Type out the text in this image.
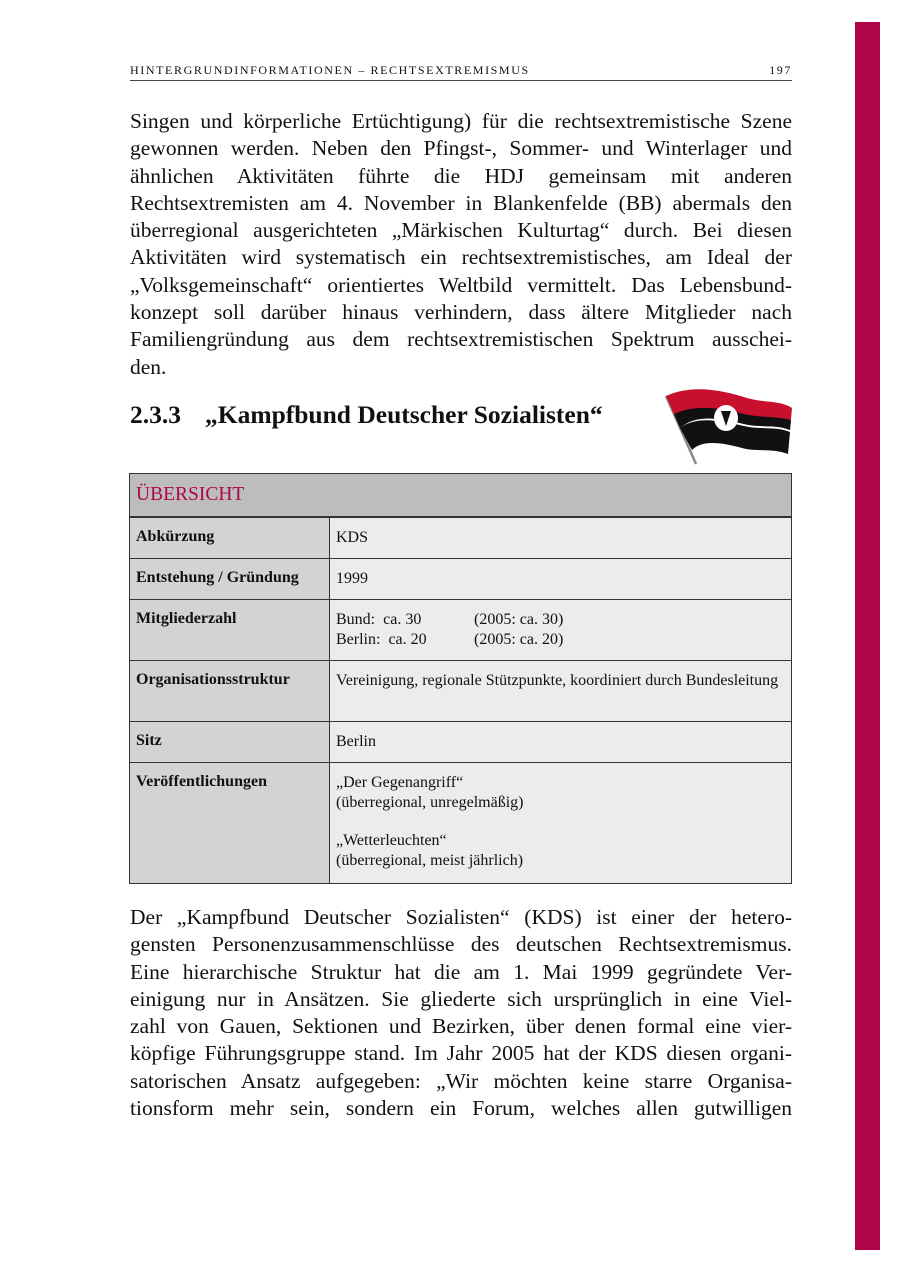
HINTERGRUNDINFORMATIONEN – RECHTSEXTREMISMUS	197
Singen und körperliche Ertüchtigung) für die rechtsextremistische Szene
gewonnen werden. Neben den Pfingst-, Sommer- und Winterlager und
ähnlichen Aktivitäten führte die HDJ gemeinsam mit anderen
Rechtsextremisten am 4. November in Blankenfelde (BB) abermals den
überregional ausgerichteten „Märkischen Kulturtag“ durch. Bei diesen
Aktivitäten wird systematisch ein rechtsextremistisches, am Ideal der
„Volksgemeinschaft“ orientiertes Weltbild vermittelt. Das Lebensbund-
konzept soll darüber hinaus verhindern, dass ältere Mitglieder nach
Familiengründung aus dem rechtsextremistischen Spektrum ausschei-
den.
2.3.3 „Kampfbund Deutscher Sozialisten“
ÜBERSICHT	
Abkürzung	KDS
Entstehung / Gründung	1999
Mitgliederzahl	Bund: ca. 30 (2005: ca. 30)
Berlin: ca. 20 (2005: ca. 20)

Organisationsstruktur	Vereinigung, regionale Stützpunkte, koordiniert durch Bundesleitung
Sitz	Berlin
Veröffentlichungen	„Der Gegenangriff“
(überregional, unregelmäßig)
„Wetterleuchten“
(überregional, meist jährlich)
Der „Kampfbund Deutscher Sozialisten“ (KDS) ist einer der hetero-
gensten Personenzusammenschlüsse des deutschen Rechtsextremismus.
Eine hierarchische Struktur hat die am 1. Mai 1999 gegründete Ver-
einigung nur in Ansätzen. Sie gliederte sich ursprünglich in eine Viel-
zahl von Gauen, Sektionen und Bezirken, über denen formal eine vier-
köpfige Führungsgruppe stand. Im Jahr 2005 hat der KDS diesen organi-
satorischen Ansatz aufgegeben: „Wir möchten keine starre Organisa-
tionsform mehr sein, sondern ein Forum, welches allen gutwilligen
